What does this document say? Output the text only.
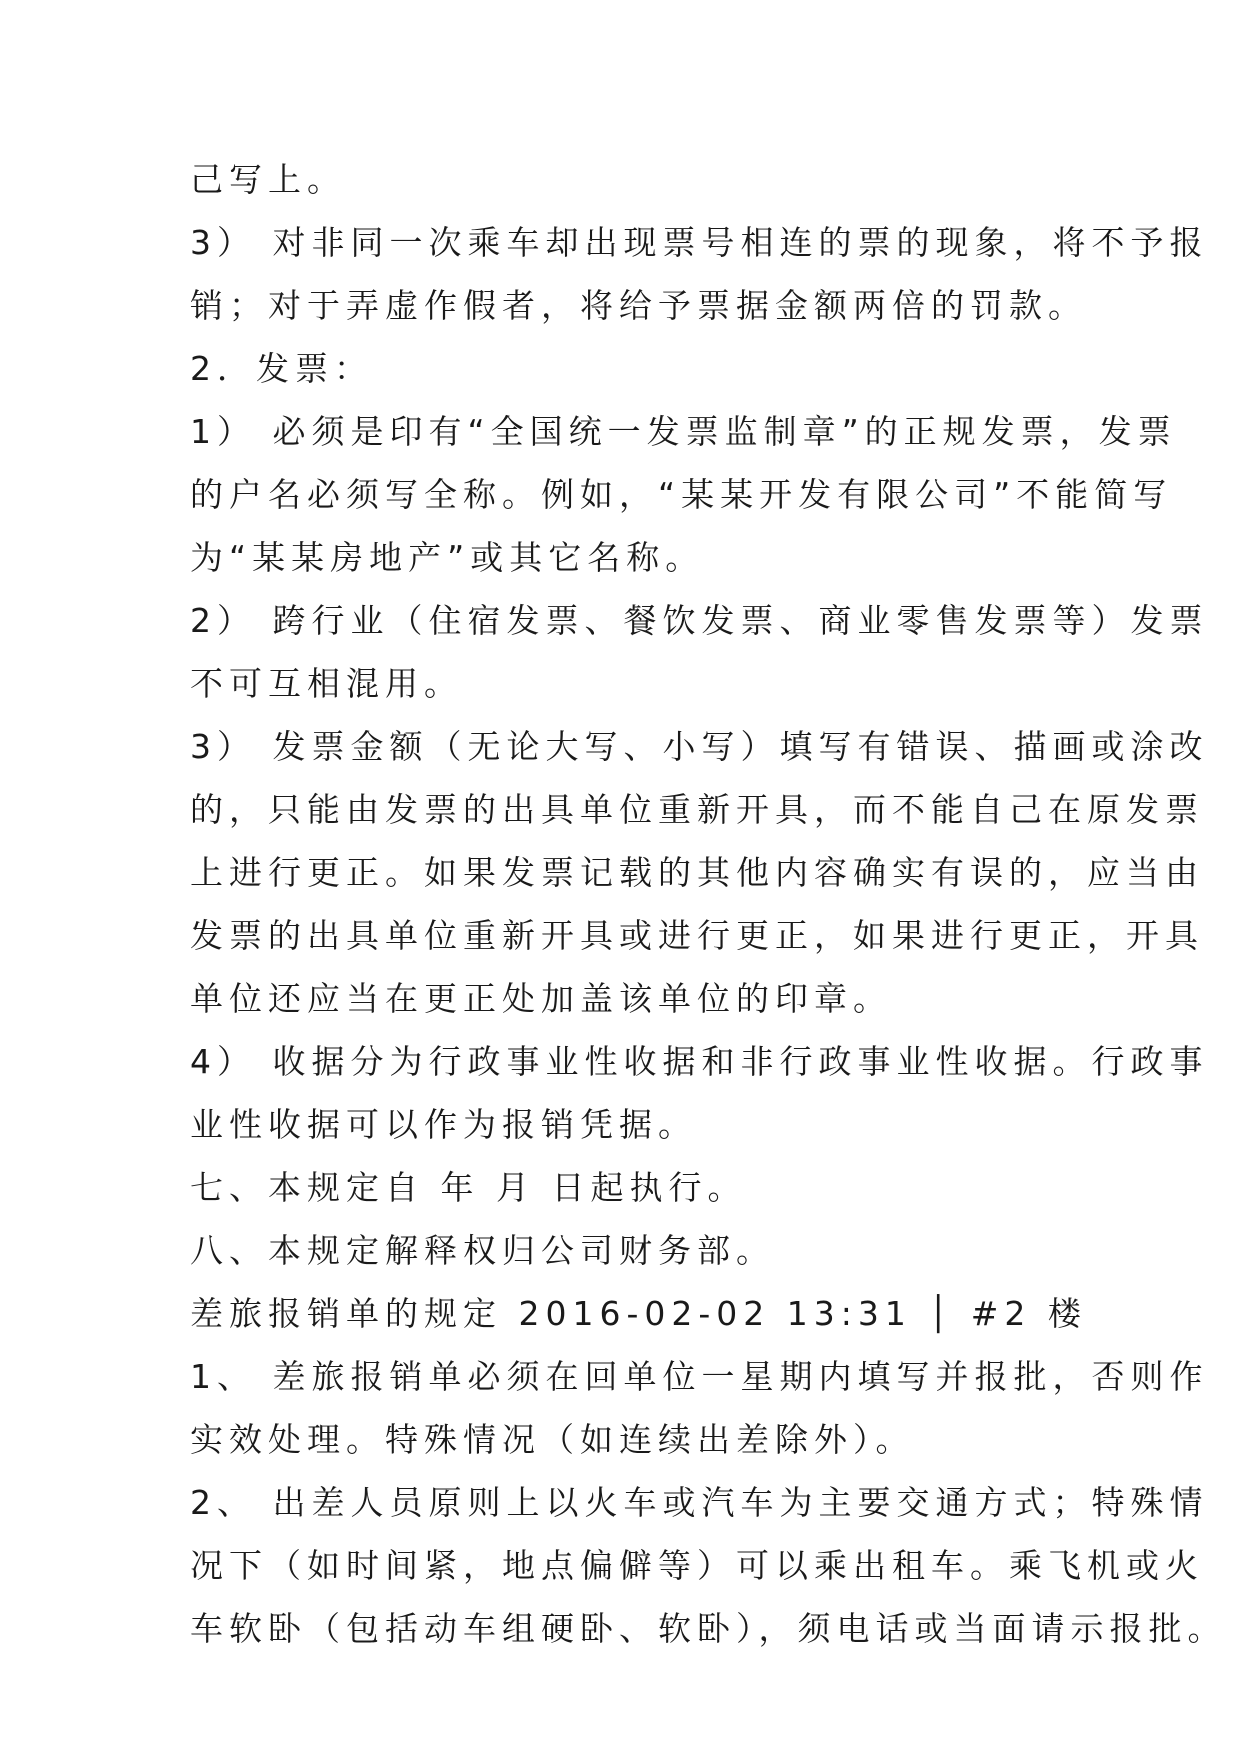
己写上。
3） 对非同一次乘车却出现票号相连的票的现象，将不予报
销；对于弄虚作假者，将给予票据金额两倍的罚款。
2．发票：
1） 必须是印有“全国统一发票监制章”的正规发票，发票
的户名必须写全称。例如，“某某开发有限公司”不能简写
为“某某房地产”或其它名称。
2） 跨行业（住宿发票、餐饮发票、商业零售发票等）发票
不可互相混用。
3） 发票金额（无论大写、小写）填写有错误、描画或涂改
的，只能由发票的出具单位重新开具，而不能自己在原发票
上进行更正。如果发票记载的其他内容确实有误的，应当由
发票的出具单位重新开具或进行更正，如果进行更正，开具
单位还应当在更正处加盖该单位的印章。
4） 收据分为行政事业性收据和非行政事业性收据。行政事
业性收据可以作为报销凭据。
七、本规定自 年 月 日起执行。
八、本规定解释权归公司财务部。
差旅报销单的规定 2016-02-02 13:31 │ #2 楼
1、 差旅报销单必须在回单位一星期内填写并报批，否则作
实效处理。特殊情况（如连续出差除外）。
2、 出差人员原则上以火车或汽车为主要交通方式；特殊情
况下（如时间紧，地点偏僻等）可以乘出租车。乘飞机或火
车软卧（包括动车组硬卧、软卧），须电话或当面请示报批。
